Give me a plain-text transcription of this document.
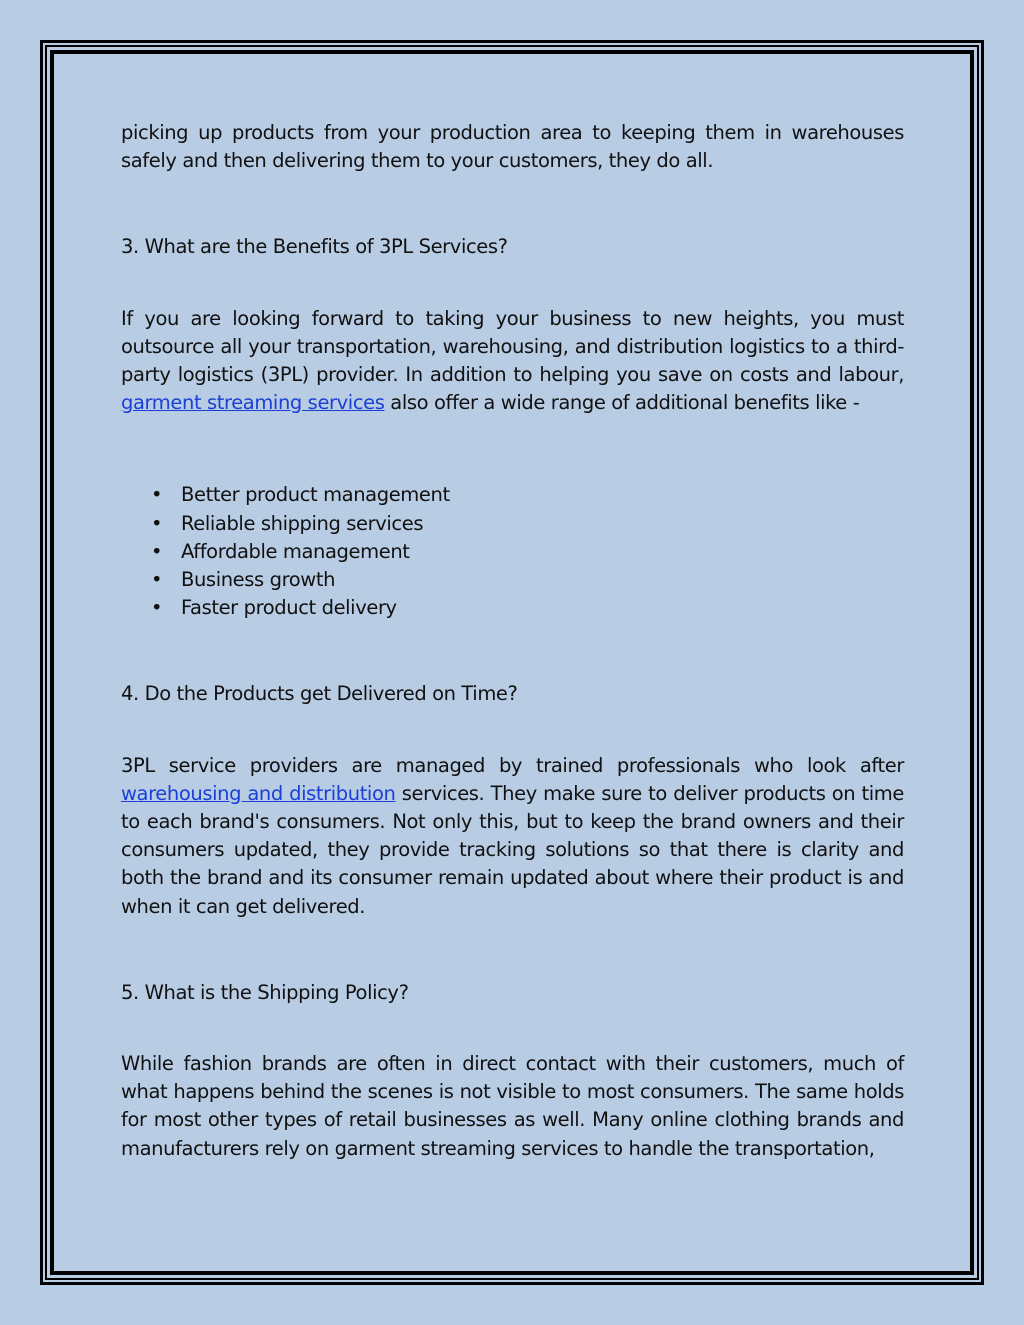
picking up products from your production area to keeping them in warehouses safely and then delivering them to your customers, they do all.

3. What are the Benefits of 3PL Services?

If you are looking forward to taking your business to new heights, you must outsource all your transportation, warehousing, and distribution logistics to a third-party logistics (3PL) provider. In addition to helping you save on costs and labour, garment streaming services also offer a wide range of additional benefits like -

• Better product management
• Reliable shipping services
• Affordable management
• Business growth
• Faster product delivery

4. Do the Products get Delivered on Time?

3PL service providers are managed by trained professionals who look after warehousing and distribution services. They make sure to deliver products on time to each brand's consumers. Not only this, but to keep the brand owners and their consumers updated, they provide tracking solutions so that there is clarity and both the brand and its consumer remain updated about where their product is and when it can get delivered.

5. What is the Shipping Policy?

While fashion brands are often in direct contact with their customers, much of what happens behind the scenes is not visible to most consumers. The same holds for most other types of retail businesses as well. Many online clothing brands and manufacturers rely on garment streaming services to handle the transportation,
